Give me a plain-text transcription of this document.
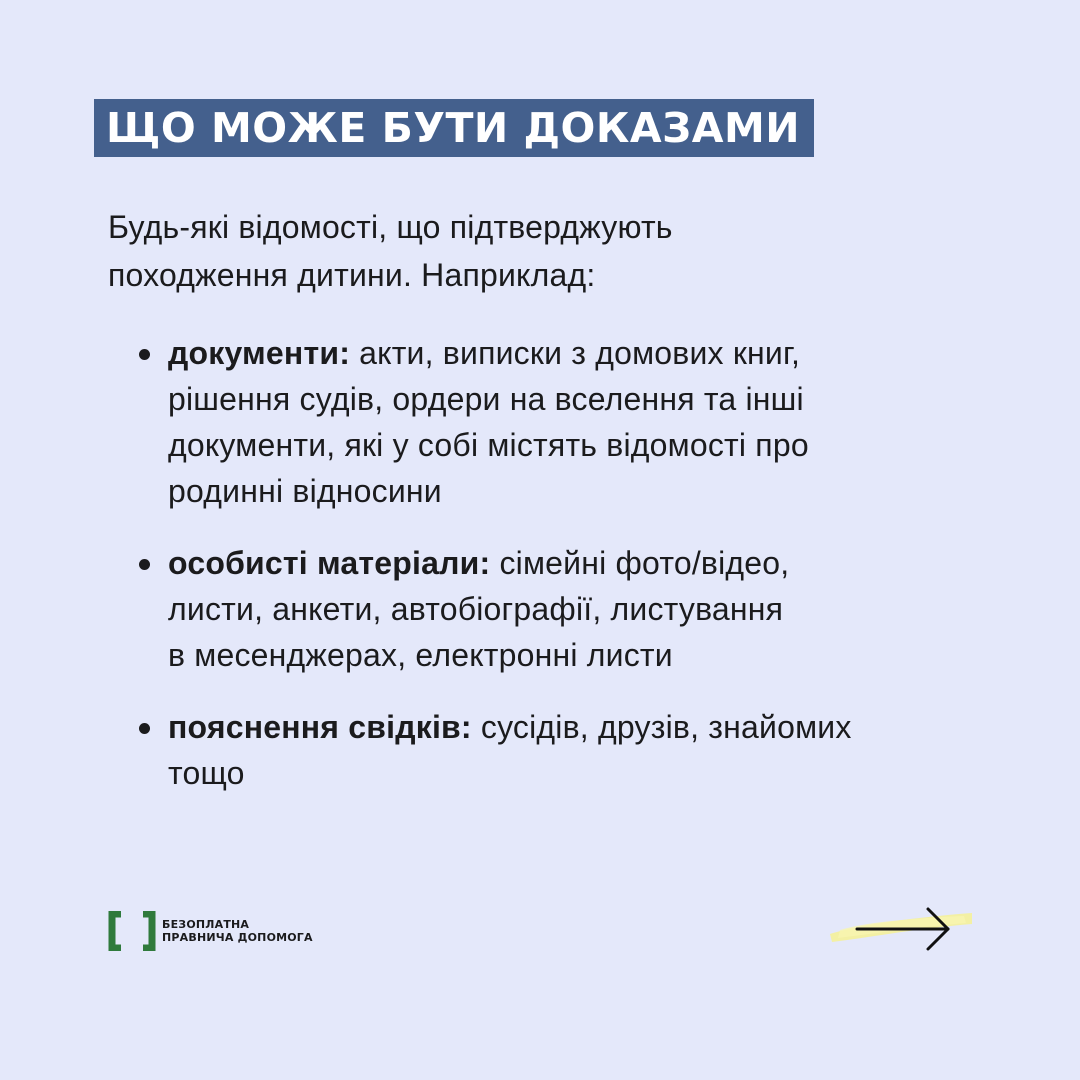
ЩО МОЖЕ БУТИ ДОКАЗАМИ
Будь-які відомості, що підтверджують
походження дитини. Наприклад:
документи: акти, виписки з домових книг,
рішення судів, ордери на вселення та інші
документи, які у собі містять відомості про
родинні відносини
особисті матеріали: сімейні фото/відео,
листи, анкети, автобіографії, листування
в месенджерах, електронні листи
пояснення свідків: сусідів, друзів, знайомих
тощо
БЕЗОПЛАТНА
ПРАВНИЧА ДОПОМОГА
